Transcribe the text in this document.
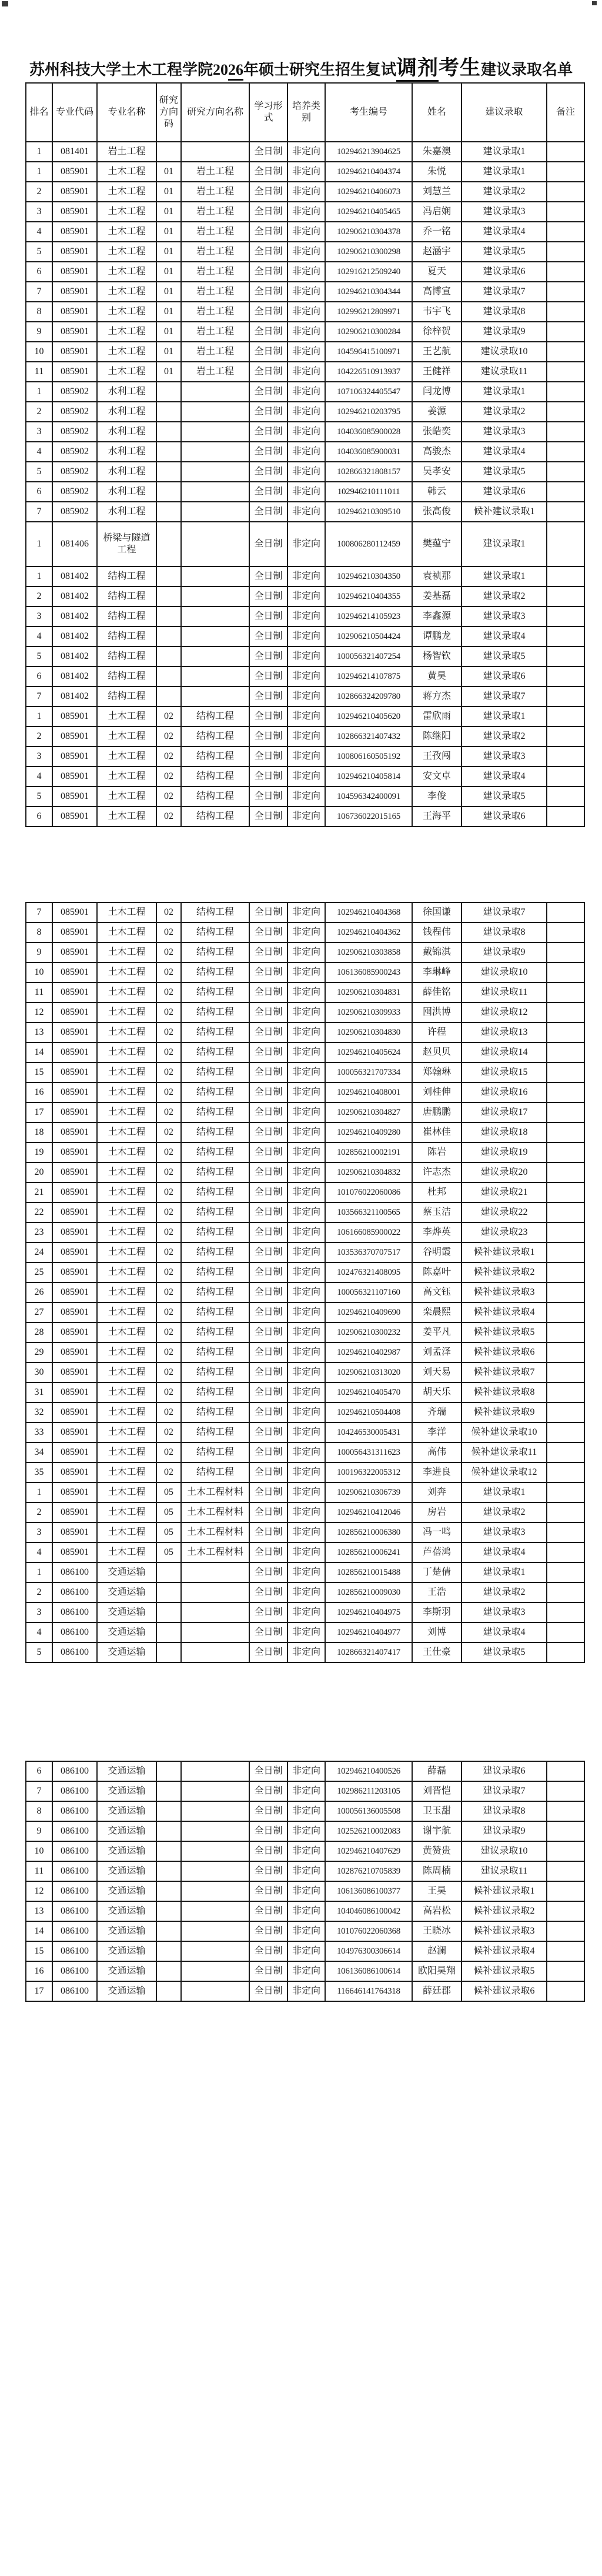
苏州科技大学土木工程学院2026年硕士研究生招生复试调剂考生建议录取名单
排名	专业代码	专业名称	研究方向码	研究方向名称	学习形式	培养类别	考生编号	姓名	建议录取	备注
1	081401	岩土工程			全日制	非定向	102946213904625	朱嘉澳	建议录取1	
1	085901	土木工程	01	岩土工程	全日制	非定向	102946210404374	朱悦	建议录取1	
2	085901	土木工程	01	岩土工程	全日制	非定向	102946210406073	刘慧兰	建议录取2	
3	085901	土木工程	01	岩土工程	全日制	非定向	102946210405465	冯启娴	建议录取3	
4	085901	土木工程	01	岩土工程	全日制	非定向	102906210304378	乔一铭	建议录取4	
5	085901	土木工程	01	岩土工程	全日制	非定向	102906210300298	赵涵宇	建议录取5	
6	085901	土木工程	01	岩土工程	全日制	非定向	102916212509240	夏天	建议录取6	
7	085901	土木工程	01	岩土工程	全日制	非定向	102946210304344	高博宣	建议录取7	
8	085901	土木工程	01	岩土工程	全日制	非定向	102996212809971	韦宇飞	建议录取8	
9	085901	土木工程	01	岩土工程	全日制	非定向	102906210300284	徐梓贺	建议录取9	
10	085901	土木工程	01	岩土工程	全日制	非定向	104596415100971	王艺航	建议录取10	
11	085901	土木工程	01	岩土工程	全日制	非定向	104226510913937	王健祥	建议录取11	
1	085902	水利工程			全日制	非定向	107106324405547	闫龙博	建议录取1	
2	085902	水利工程			全日制	非定向	102946210203795	姜源	建议录取2	
3	085902	水利工程			全日制	非定向	104036085900028	张皓奕	建议录取3	
4	085902	水利工程			全日制	非定向	104036085900031	高骏杰	建议录取4	
5	085902	水利工程			全日制	非定向	102866321808157	吴孝安	建议录取5	
6	085902	水利工程			全日制	非定向	102946210111011	韩云	建议录取6	
7	085902	水利工程			全日制	非定向	102946210309510	张高俊	候补建议录取1	
1	081406	桥梁与隧道工程			全日制	非定向	100806280112459	樊蕴宁	建议录取1	
1	081402	结构工程			全日制	非定向	102946210304350	袁祯那	建议录取1	
2	081402	结构工程			全日制	非定向	102946210404355	姜基磊	建议录取2	
3	081402	结构工程			全日制	非定向	102946214105923	李鑫源	建议录取3	
4	081402	结构工程			全日制	非定向	102906210504424	谭鹏龙	建议录取4	
5	081402	结构工程			全日制	非定向	100056321407254	杨智钦	建议录取5	
6	081402	结构工程			全日制	非定向	102946214107875	黄昊	建议录取6	
7	081402	结构工程			全日制	非定向	102866324209780	蒋方杰	建议录取7	
1	085901	土木工程	02	结构工程	全日制	非定向	102946210405620	雷欣雨	建议录取1	
2	085901	土木工程	02	结构工程	全日制	非定向	102866321407432	陈继阳	建议录取2	
3	085901	土木工程	02	结构工程	全日制	非定向	100806160505192	王孜闯	建议录取3	
4	085901	土木工程	02	结构工程	全日制	非定向	102946210405814	安文卓	建议录取4	
5	085901	土木工程	02	结构工程	全日制	非定向	104596342400091	李俊	建议录取5	
6	085901	土木工程	02	结构工程	全日制	非定向	106736022015165	王海平	建议录取6	
7	085901	土木工程	02	结构工程	全日制	非定向	102946210404368	徐国谦	建议录取7	
8	085901	土木工程	02	结构工程	全日制	非定向	102946210404362	钱程伟	建议录取8	
9	085901	土木工程	02	结构工程	全日制	非定向	102906210303858	戴锦淇	建议录取9	
10	085901	土木工程	02	结构工程	全日制	非定向	106136085900243	李琳峰	建议录取10	
11	085901	土木工程	02	结构工程	全日制	非定向	102906210304831	薛佳铭	建议录取11	
12	085901	土木工程	02	结构工程	全日制	非定向	102906210309933	囤洪博	建议录取12	
13	085901	土木工程	02	结构工程	全日制	非定向	102906210304830	许程	建议录取13	
14	085901	土木工程	02	结构工程	全日制	非定向	102946210405624	赵贝贝	建议录取14	
15	085901	土木工程	02	结构工程	全日制	非定向	100056321707334	郑翰琳	建议录取15	
16	085901	土木工程	02	结构工程	全日制	非定向	102946210408001	刘桂伸	建议录取16	
17	085901	土木工程	02	结构工程	全日制	非定向	102906210304827	唐鹏鹏	建议录取17	
18	085901	土木工程	02	结构工程	全日制	非定向	102946210409280	崔林佳	建议录取18	
19	085901	土木工程	02	结构工程	全日制	非定向	102856210002191	陈岩	建议录取19	
20	085901	土木工程	02	结构工程	全日制	非定向	102906210304832	许志杰	建议录取20	
21	085901	土木工程	02	结构工程	全日制	非定向	101076022060086	杜邦	建议录取21	
22	085901	土木工程	02	结构工程	全日制	非定向	103566321100565	蔡玉洁	建议录取22	
23	085901	土木工程	02	结构工程	全日制	非定向	106166085900022	李烨英	建议录取23	
24	085901	土木工程	02	结构工程	全日制	非定向	103536370707517	谷明霞	候补建议录取1	
25	085901	土木工程	02	结构工程	全日制	非定向	102476321408095	陈嘉叶	候补建议录取2	
26	085901	土木工程	02	结构工程	全日制	非定向	100056321107160	高文钰	候补建议录取3	
27	085901	土木工程	02	结构工程	全日制	非定向	102946210409690	栾晨熙	候补建议录取4	
28	085901	土木工程	02	结构工程	全日制	非定向	102906210300232	姜平凡	候补建议录取5	
29	085901	土木工程	02	结构工程	全日制	非定向	102946210402987	刘孟泽	候补建议录取6	
30	085901	土木工程	02	结构工程	全日制	非定向	102906210313020	刘天易	候补建议录取7	
31	085901	土木工程	02	结构工程	全日制	非定向	102946210405470	胡天乐	候补建议录取8	
32	085901	土木工程	02	结构工程	全日制	非定向	102946210504408	齐瑞	候补建议录取9	
33	085901	土木工程	02	结构工程	全日制	非定向	104246530005431	李洋	候补建议录取10	
34	085901	土木工程	02	结构工程	全日制	非定向	100056431311623	高伟	候补建议录取11	
35	085901	土木工程	02	结构工程	全日制	非定向	100196322005312	李进良	候补建议录取12	
1	085901	土木工程	05	土木工程材料	全日制	非定向	102906210306739	刘奔	建议录取1	
2	085901	土木工程	05	土木工程材料	全日制	非定向	102946210412046	房岩	建议录取2	
3	085901	土木工程	05	土木工程材料	全日制	非定向	102856210006380	冯一鸣	建议录取3	
4	085901	土木工程	05	土木工程材料	全日制	非定向	102856210006241	芦蓓鸿	建议录取4	
1	086100	交通运输			全日制	非定向	102856210015488	丁楚倩	建议录取1	
2	086100	交通运输			全日制	非定向	102856210009030	王浩	建议录取2	
3	086100	交通运输			全日制	非定向	102946210404975	李斯羽	建议录取3	
4	086100	交通运输			全日制	非定向	102946210404977	刘博	建议录取4	
5	086100	交通运输			全日制	非定向	102866321407417	王仕豪	建议录取5	
6	086100	交通运输			全日制	非定向	102946210400526	薛磊	建议录取6	
7	086100	交通运输			全日制	非定向	102986211203105	刘晋恺	建议录取7	
8	086100	交通运输			全日制	非定向	100056136005508	卫玉甜	建议录取8	
9	086100	交通运输			全日制	非定向	102526210002083	谢宇航	建议录取9	
10	086100	交通运输			全日制	非定向	102946210407629	黄赞贵	建议录取10	
11	086100	交通运输			全日制	非定向	102876210705839	陈周楠	建议录取11	
12	086100	交通运输			全日制	非定向	106136086100377	王昊	候补建议录取1	
13	086100	交通运输			全日制	非定向	104046086100042	高岩松	候补建议录取2	
14	086100	交通运输			全日制	非定向	101076022060368	王晓冰	候补建议录取3	
15	086100	交通运输			全日制	非定向	104976300306614	赵澜	候补建议录取4	
16	086100	交通运输			全日制	非定向	106136086100614	欧阳昊翔	候补建议录取5	
17	086100	交通运输			全日制	非定向	116646141764318	薛廷郡	候补建议录取6	
